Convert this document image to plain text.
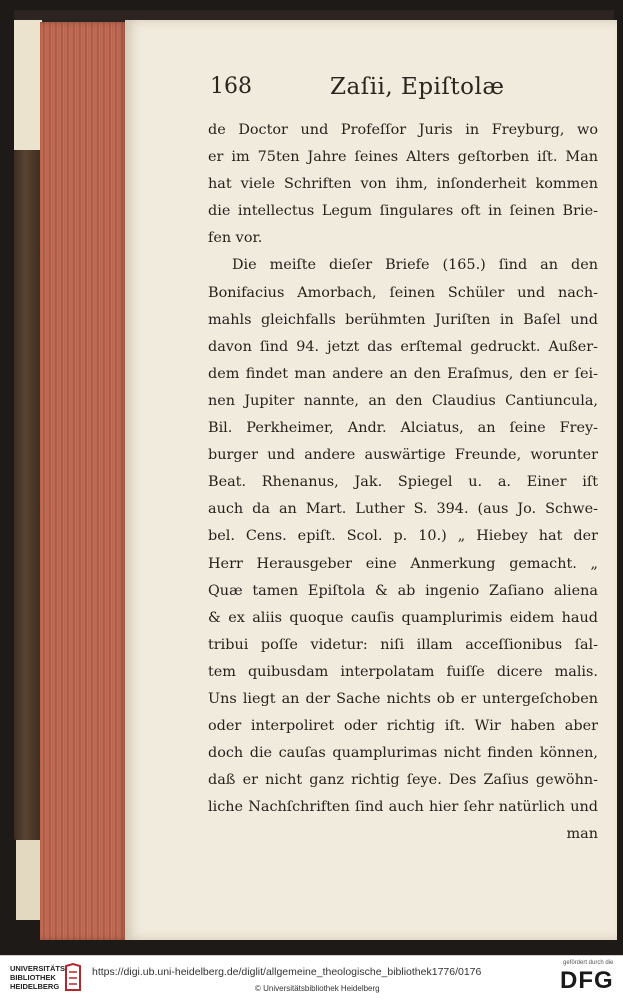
168	Zaſii, Epiſtolæ
de Doctor und Profeſſor Juris in Freyburg, wo
er im 75ten Jahre ſeines Alters geſtorben iſt. Man
hat viele Schriften von ihm, inſonderheit kommen
die intellectus Legum ſingulares oft in ſeinen Brie-
fen vor.
Die meiſte dieſer Briefe (165.) ſind an den
Bonifacius Amorbach, ſeinen Schüler und nach-
mahls gleichfalls berühmten Juriſten in Baſel und
davon ſind 94. jetzt das erſtemal gedruckt. Außer-
dem findet man andere an den Eraſmus, den er ſei-
nen Jupiter nannte, an den Claudius Cantiuncula,
Bil. Perkheimer, Andr. Alciatus, an ſeine Frey-
burger und andere auswärtige Freunde, worunter
Beat. Rhenanus, Jak. Spiegel u. a. Einer iſt
auch da an Mart. Luther S. 394. (aus Jo. Schwe-
bel. Cens. epiſt. Scol. p. 10.) „ Hiebey hat der
Herr Herausgeber eine Anmerkung gemacht. „
Quæ tamen Epiſtola & ab ingenio Zaſiano aliena
& ex aliis quoque cauſis quamplurimis eidem haud
tribui poſſe videtur: niſi illam acceſſionibus ſal-
tem quibusdam interpolatam fuiſſe dicere malis.
Uns liegt an der Sache nichts ob er untergeſchoben
oder interpoliret oder richtig iſt. Wir haben aber
doch die cauſas quamplurimas nicht finden können,
daß er nicht ganz richtig ſeye. Des Zaſius gewöhn-
liche Nachſchriften ſind auch hier ſehr natürlich und
man
UNIVERSITÄTS-
BIBLIOTHEK
HEIDELBERG
https://digi.ub.uni-heidelberg.de/diglit/allgemeine_theologische_bibliothek1776/0176
© Universitätsbibliothek Heidelberg
gefördert durch die
DFG
